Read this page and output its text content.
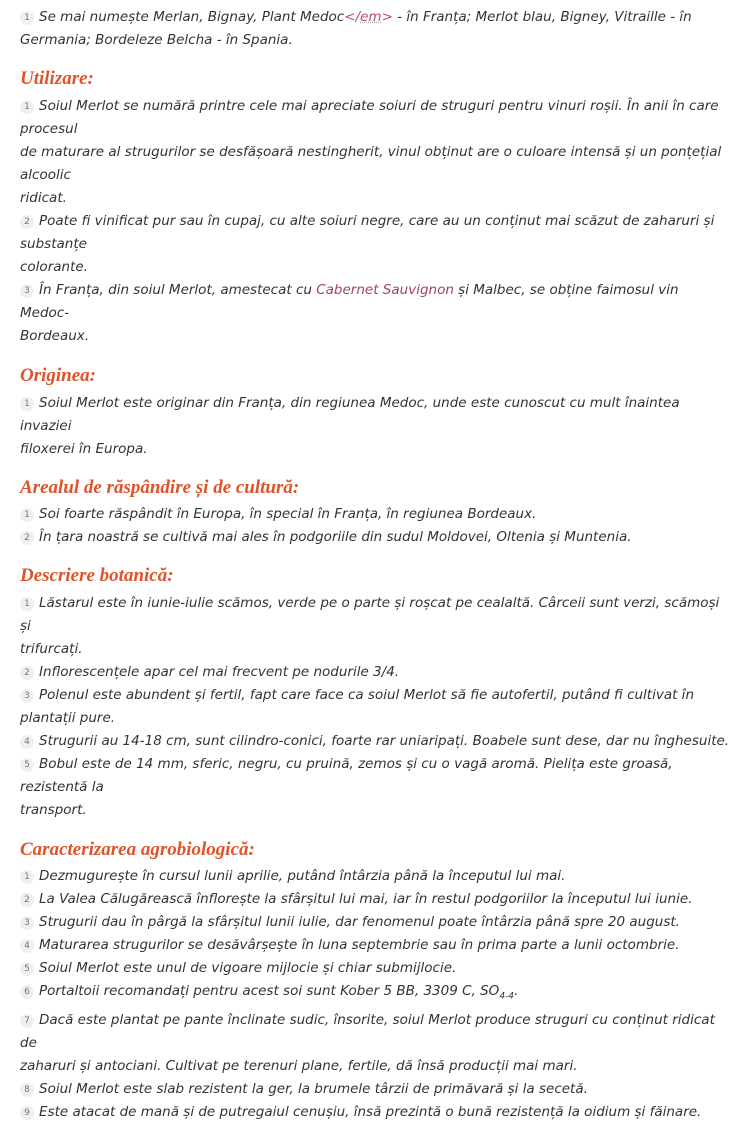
1 Se mai numește Merlan, Bignay, Plant Medoc</em> - în Franța; Merlot blau, Bigney, Vitraille - în
Germania; Bordeleze Belcha - în Spania.
Utilizare:
1 Soiul Merlot se numără printre cele mai apreciate soiuri de struguri pentru vinuri roșii. În anii în care procesul
de maturare al strugurilor se desfășoară nestingherit, vinul obținut are o culoare intensă și un ponțețial alcoolic
ridicat.
2 Poate fi vinificat pur sau în cupaj, cu alte soiuri negre, care au un conținut mai scăzut de zaharuri și substanțe
colorante.
3 În Franța, din soiul Merlot, amestecat cu Cabernet Sauvignon și Malbec, se obține faimosul vin Medoc-
Bordeaux.
Originea:
1 Soiul Merlot este originar din Franța, din regiunea Medoc, unde este cunoscut cu mult înaintea invaziei
filoxerei în Europa.
Arealul de răspândire și de cultură:
1 Soi foarte răspândit în Europa, în special în Franța, în regiunea Bordeaux.
2 În țara noastră se cultivă mai ales în podgoriile din sudul Moldovei, Oltenia și Muntenia.
Descriere botanică:
1 Lăstarul este în iunie-iulie scămos, verde pe o parte și roșcat pe cealaltă. Cârceii sunt verzi, scămoși și
trifurcați.
2 Inflorescențele apar cel mai frecvent pe nodurile 3/4.
3 Polenul este abundent și fertil, fapt care face ca soiul Merlot să fie autofertil, putând fi cultivat în plantații pure.
4 Strugurii au 14-18 cm, sunt cilindro-conici, foarte rar uniaripați. Boabele sunt dese, dar nu înghesuite.
5 Bobul este de 14 mm, sferic, negru, cu pruină, zemos și cu o vagă aromă. Pielița este groasă, rezistentă la
transport.
Caracterizarea agrobiologică:
1 Dezmugurește în cursul lunii aprilie, putând întârzia până la începutul lui mai.
2 La Valea Călugărească înflorește la sfârșitul lui mai, iar în restul podgoriilor la începutul lui iunie.
3 Strugurii dau în pârgă la sfârșitul lunii iulie, dar fenomenul poate întârzia până spre 20 august.
4 Maturarea strugurilor se desăvârșește în luna septembrie sau în prima parte a lunii octombrie.
5 Soiul Merlot este unul de vigoare mijlocie și chiar submijlocie.
6 Portaltoii recomandați pentru acest soi sunt Kober 5 BB, 3309 C, $SO_{4-4}$.
7 Dacă este plantat pe pante înclinate sudic, însorite, soiul Merlot produce struguri cu conținut ridicat de
zaharuri și antociani. Cultivat pe terenuri plane, fertile, dă însă producții mai mari.
8 Soiul Merlot este slab rezistent la ger, la brumele târzii de primăvară și la secetă.
9 Este atacat de mană și de putregaiul cenușiu, însă prezintă o bună rezistență la oidium și făinare.
